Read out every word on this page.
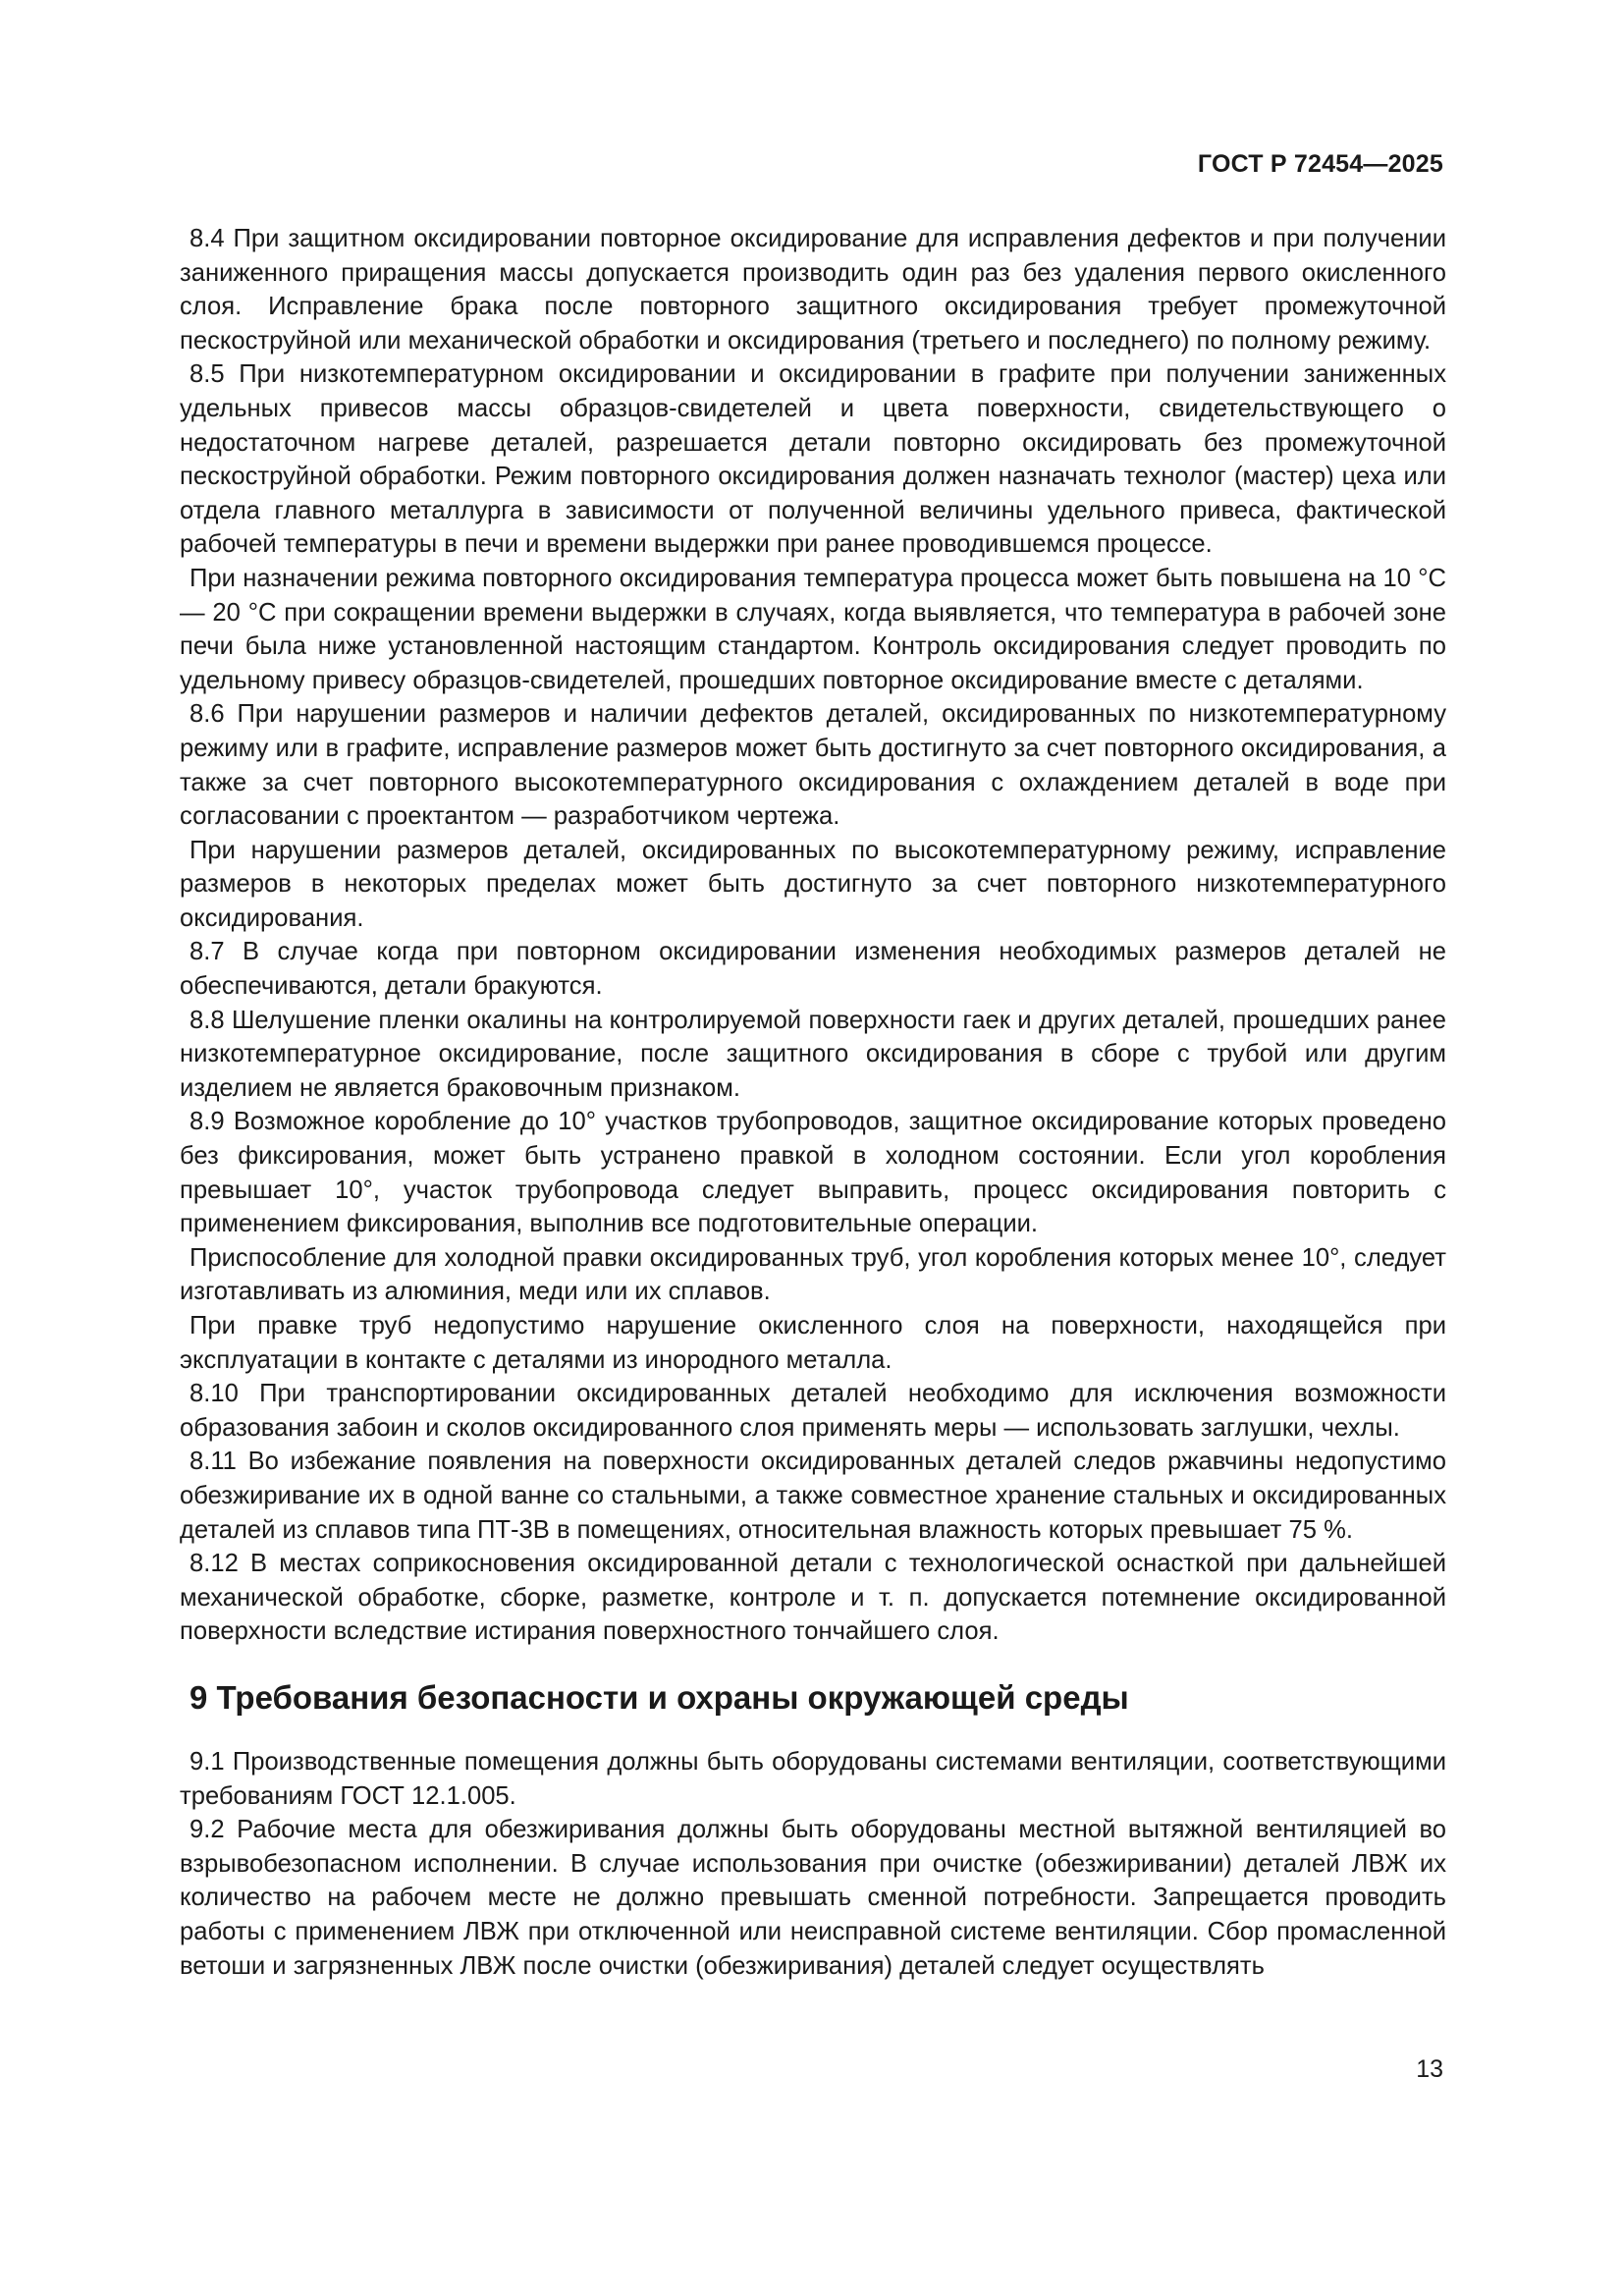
ГОСТ Р 72454—2025

8.4 При защитном оксидировании повторное оксидирование для исправления дефектов и при получении заниженного приращения массы допускается производить один раз без удаления первого окисленного слоя. Исправление брака после повторного защитного оксидирования требует промежуточной пескоструйной или механической обработки и оксидирования (третьего и последнего) по полному режиму.

8.5 При низкотемпературном оксидировании и оксидировании в графите при получении заниженных удельных привесов массы образцов-свидетелей и цвета поверхности, свидетельствующего о недостаточном нагреве деталей, разрешается детали повторно оксидировать без промежуточной пескоструйной обработки. Режим повторного оксидирования должен назначать технолог (мастер) цеха или отдела главного металлурга в зависимости от полученной величины удельного привеса, фактической рабочей температуры в печи и времени выдержки при ранее проводившемся процессе.

При назначении режима повторного оксидирования температура процесса может быть повышена на 10 °С — 20 °С при сокращении времени выдержки в случаях, когда выявляется, что температура в рабочей зоне печи была ниже установленной настоящим стандартом. Контроль оксидирования следует проводить по удельному привесу образцов-свидетелей, прошедших повторное оксидирование вместе с деталями.

8.6 При нарушении размеров и наличии дефектов деталей, оксидированных по низкотемпературному режиму или в графите, исправление размеров может быть достигнуто за счет повторного оксидирования, а также за счет повторного высокотемпературного оксидирования с охлаждением деталей в воде при согласовании с проектантом — разработчиком чертежа.

При нарушении размеров деталей, оксидированных по высокотемпературному режиму, исправление размеров в некоторых пределах может быть достигнуто за счет повторного низкотемпературного оксидирования.

8.7 В случае когда при повторном оксидировании изменения необходимых размеров деталей не обеспечиваются, детали бракуются.

8.8 Шелушение пленки окалины на контролируемой поверхности гаек и других деталей, прошедших ранее низкотемпературное оксидирование, после защитного оксидирования в сборе с трубой или другим изделием не является браковочным признаком.

8.9 Возможное коробление до 10° участков трубопроводов, защитное оксидирование которых проведено без фиксирования, может быть устранено правкой в холодном состоянии. Если угол коробления превышает 10°, участок трубопровода следует выправить, процесс оксидирования повторить с применением фиксирования, выполнив все подготовительные операции.

Приспособление для холодной правки оксидированных труб, угол коробления которых менее 10°, следует изготавливать из алюминия, меди или их сплавов.

При правке труб недопустимо нарушение окисленного слоя на поверхности, находящейся при эксплуатации в контакте с деталями из инородного металла.

8.10 При транспортировании оксидированных деталей необходимо для исключения возможности образования забоин и сколов оксидированного слоя применять меры — использовать заглушки, чехлы.

8.11 Во избежание появления на поверхности оксидированных деталей следов ржавчины недопустимо обезжиривание их в одной ванне со стальными, а также совместное хранение стальных и оксидированных деталей из сплавов типа ПТ-3В в помещениях, относительная влажность которых превышает 75 %.

8.12 В местах соприкосновения оксидированной детали с технологической оснасткой при дальнейшей механической обработке, сборке, разметке, контроле и т. п. допускается потемнение оксидированной поверхности вследствие истирания поверхностного тончайшего слоя.

9 Требования безопасности и охраны окружающей среды

9.1 Производственные помещения должны быть оборудованы системами вентиляции, соответствующими требованиям ГОСТ 12.1.005.

9.2 Рабочие места для обезжиривания должны быть оборудованы местной вытяжной вентиляцией во взрывобезопасном исполнении. В случае использования при очистке (обезжиривании) деталей ЛВЖ их количество на рабочем месте не должно превышать сменной потребности. Запрещается проводить работы с применением ЛВЖ при отключенной или неисправной системе вентиляции. Сбор промасленной ветоши и загрязненных ЛВЖ после очистки (обезжиривания) деталей следует осуществлять

13
